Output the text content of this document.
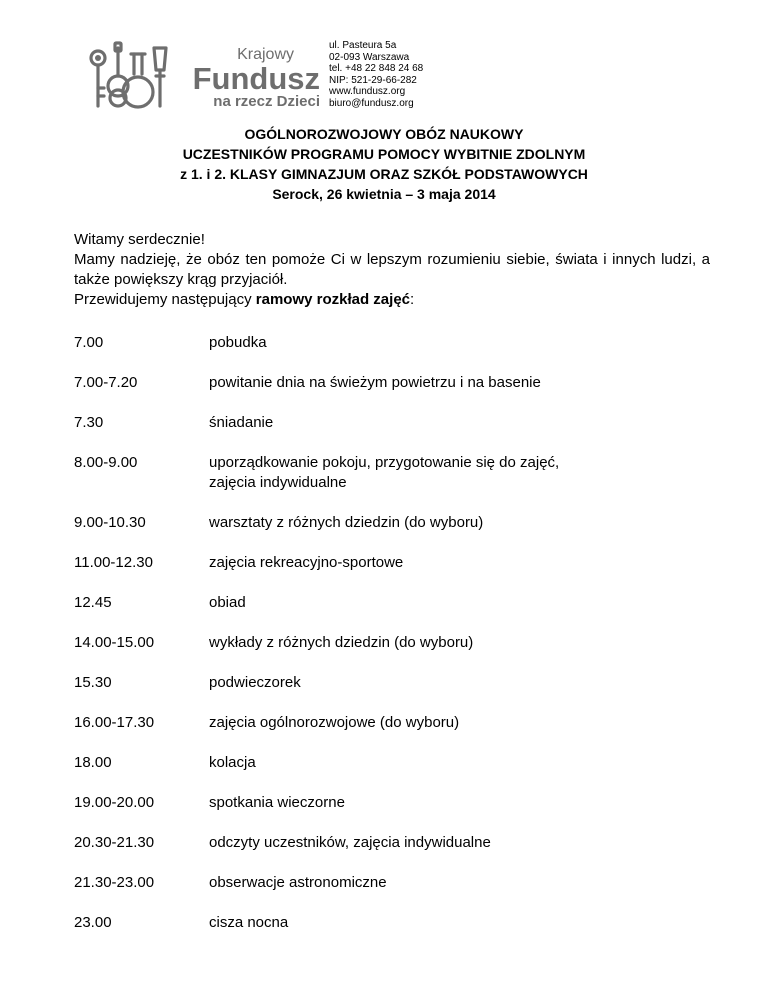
Krajowy
Fundusz
na rzecz Dzieci
ul. Pasteura 5a
02-093 Warszawa
tel. +48 22 848 24 68
NIP: 521-29-66-282
www.fundusz.org
biuro@fundusz.org
OGÓLNOROZWOJOWY OBÓZ NAUKOWY
UCZESTNIKÓW PROGRAMU POMOCY WYBITNIE ZDOLNYM
z 1. i 2. KLASY GIMNAZJUM ORAZ SZKÓŁ PODSTAWOWYCH
Serock, 26 kwietnia – 3 maja 2014

Witamy serdecznie!

Mamy nadzieję, że obóz ten pomoże Ci w lepszym rozumieniu siebie, świata i innych ludzi, a także powiększy krąg przyjaciół.

Przewidujemy następujący ramowy rozkład zajęć:

7.00	pobudka
7.00-7.20	powitanie dnia na świeżym powietrzu i na basenie
7.30	śniadanie
8.00-9.00	uporządkowanie pokoju, przygotowanie się do zajęć,
zajęcia indywidualne
9.00-10.30	warsztaty z różnych dziedzin (do wyboru)
11.00-12.30	zajęcia rekreacyjno-sportowe
12.45	obiad
14.00-15.00	wykłady z różnych dziedzin (do wyboru)
15.30	podwieczorek
16.00-17.30	zajęcia ogólnorozwojowe (do wyboru)
18.00	kolacja
19.00-20.00	spotkania wieczorne
20.30-21.30	odczyty uczestników, zajęcia indywidualne
21.30-23.00	obserwacje astronomiczne
23.00	cisza nocna
